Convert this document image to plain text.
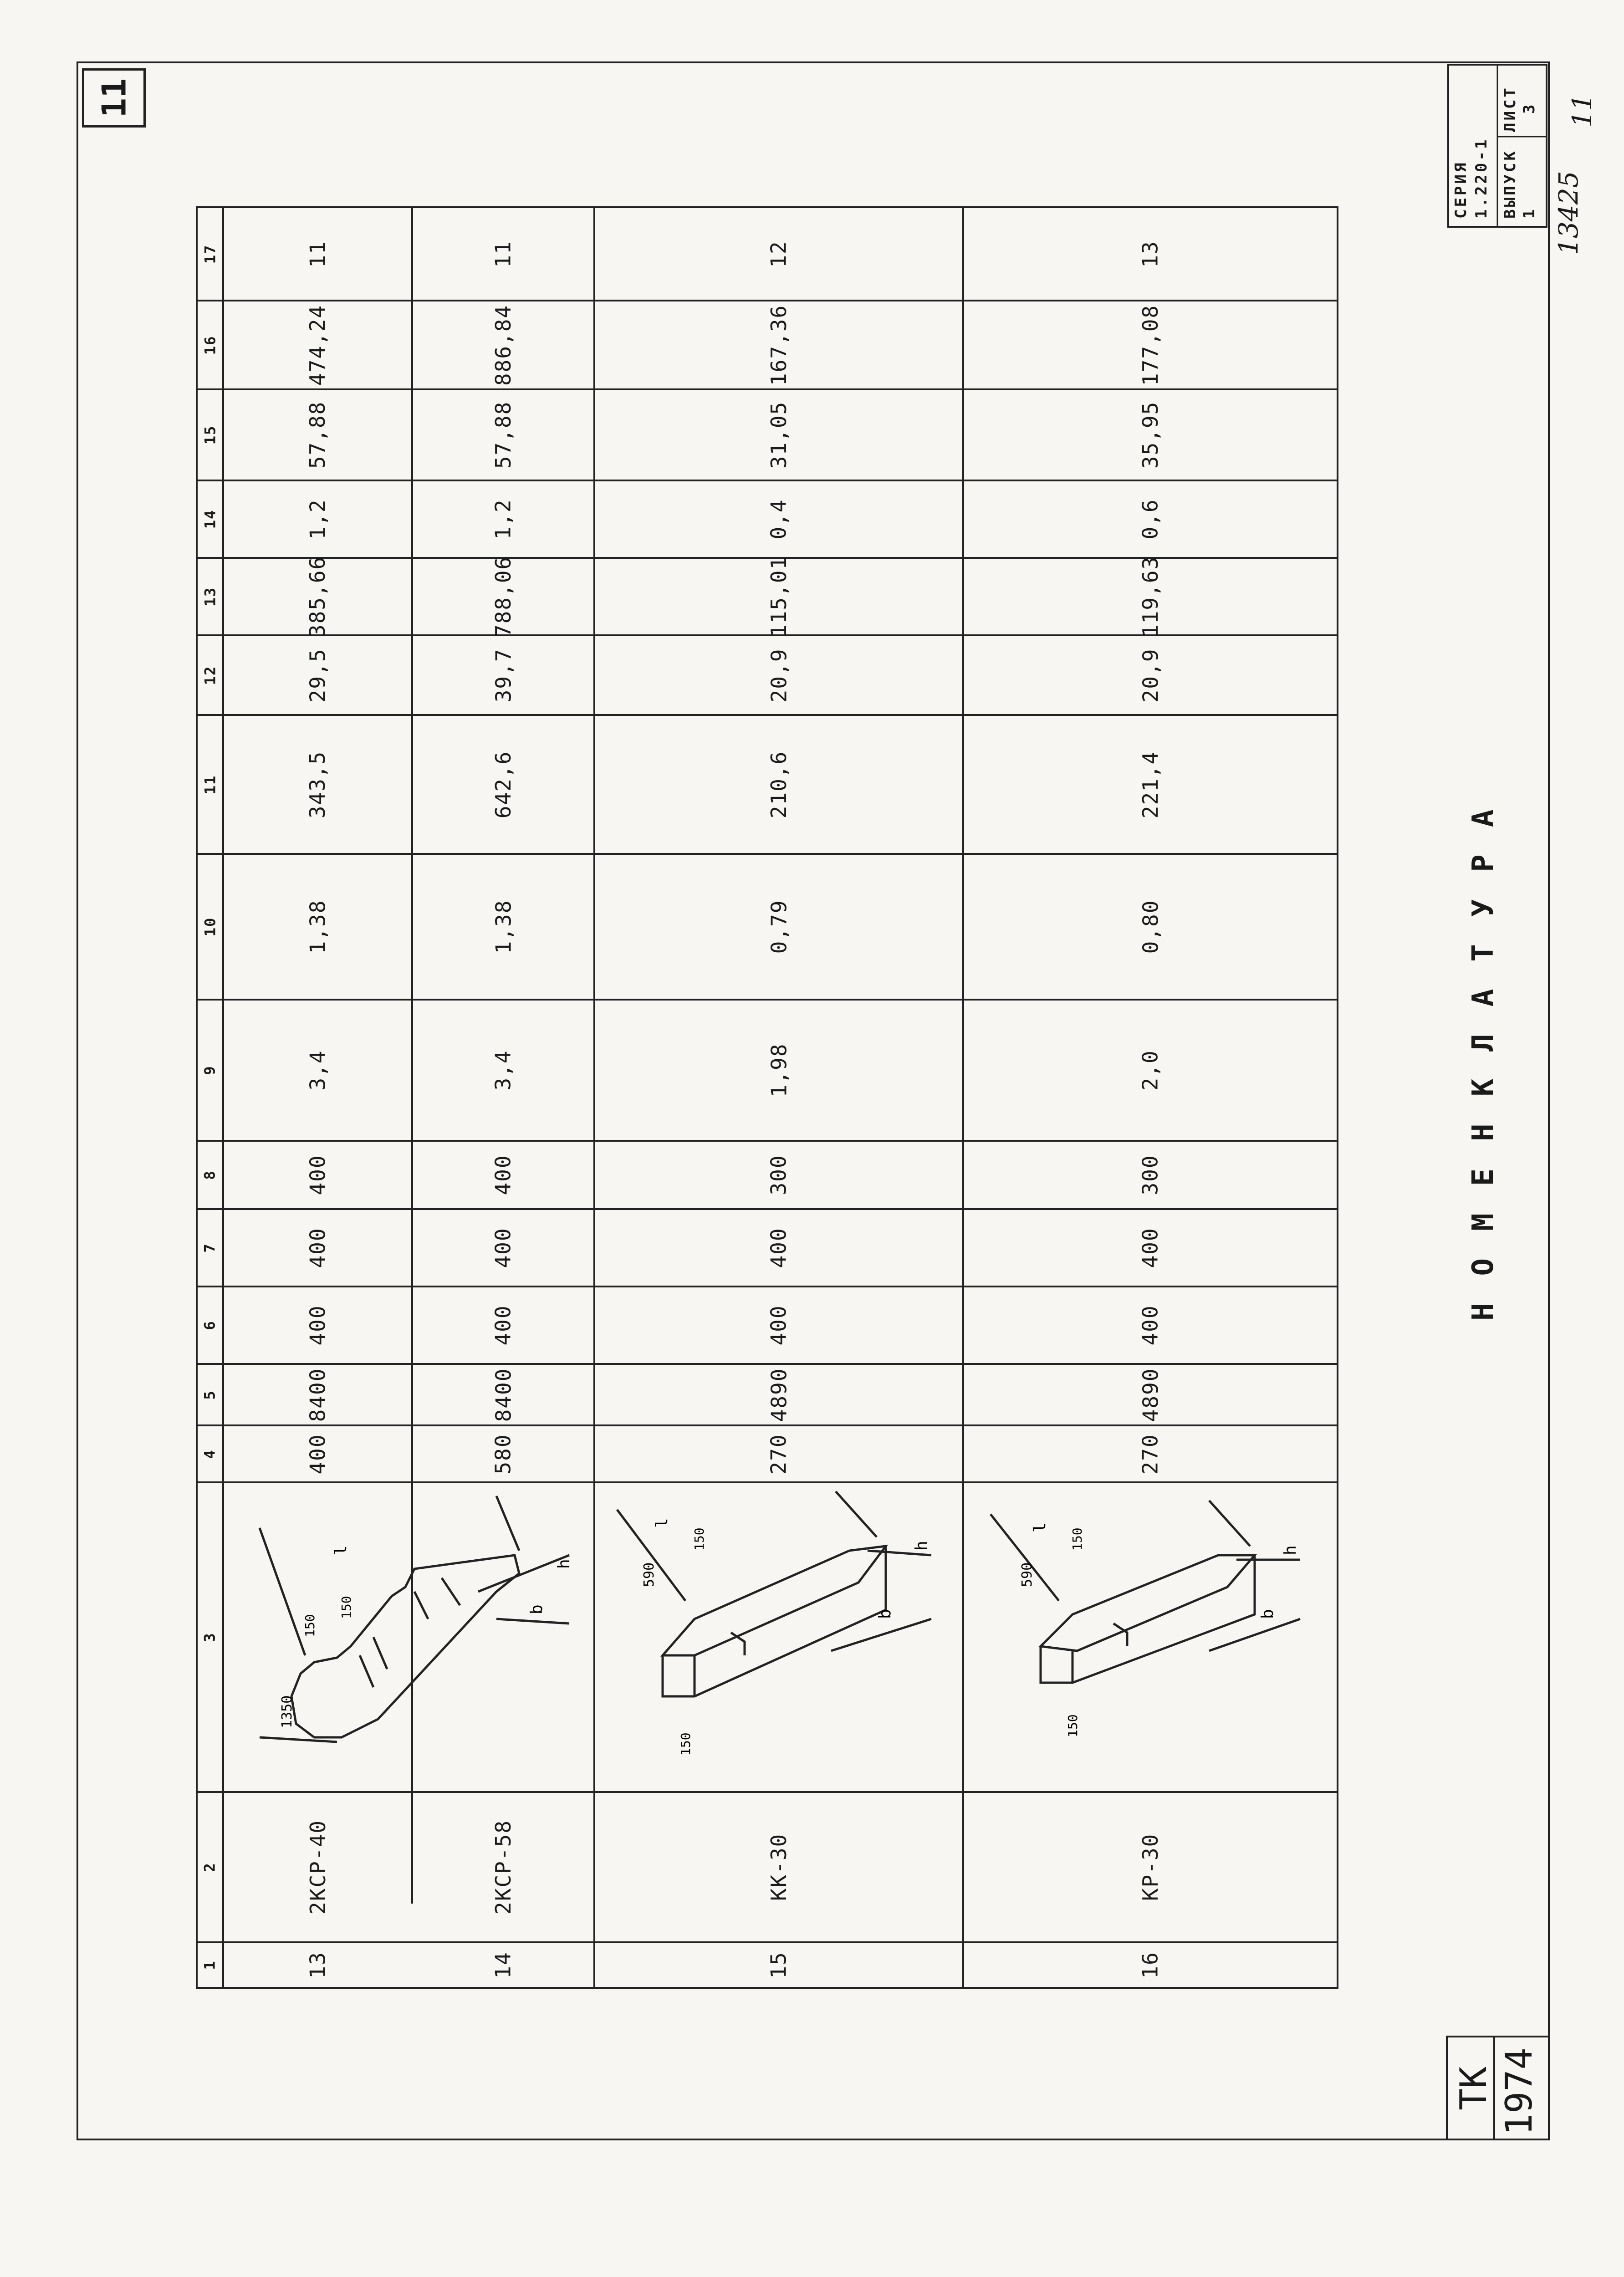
11
СЕРИЯ 1.220-1 ВЫПУСК 1
ЛИСТ 3 11
13425
ТК 1974
НОМЕНКЛАТУРА
1
2
3
4
5
6
7
8
9
10
11
12
13
14
15
16
17
13
2КСР-40
400
8400
400
400
400
3,4
1,38
343,5
29,5
385,66
1,2
57,88
474,24
11
14
2КСР-58
580
8400
400
400
400
3,4
1,38
642,6
39,7
788,06
1,2
57,88
886,84
11
15
КК-30
270
4890
400
400
300
1,98
0,79
210,6
20,9
115,01
0,4
31,05
167,36
12
16
КР-30
270
4890
400
400
300
2,0
0,80
221,4
20,9
119,63
0,6
35,95
177,08
13
1350
150
150
l
h
b
590
150
150
l
h
b
590
150
150
l
h
b
